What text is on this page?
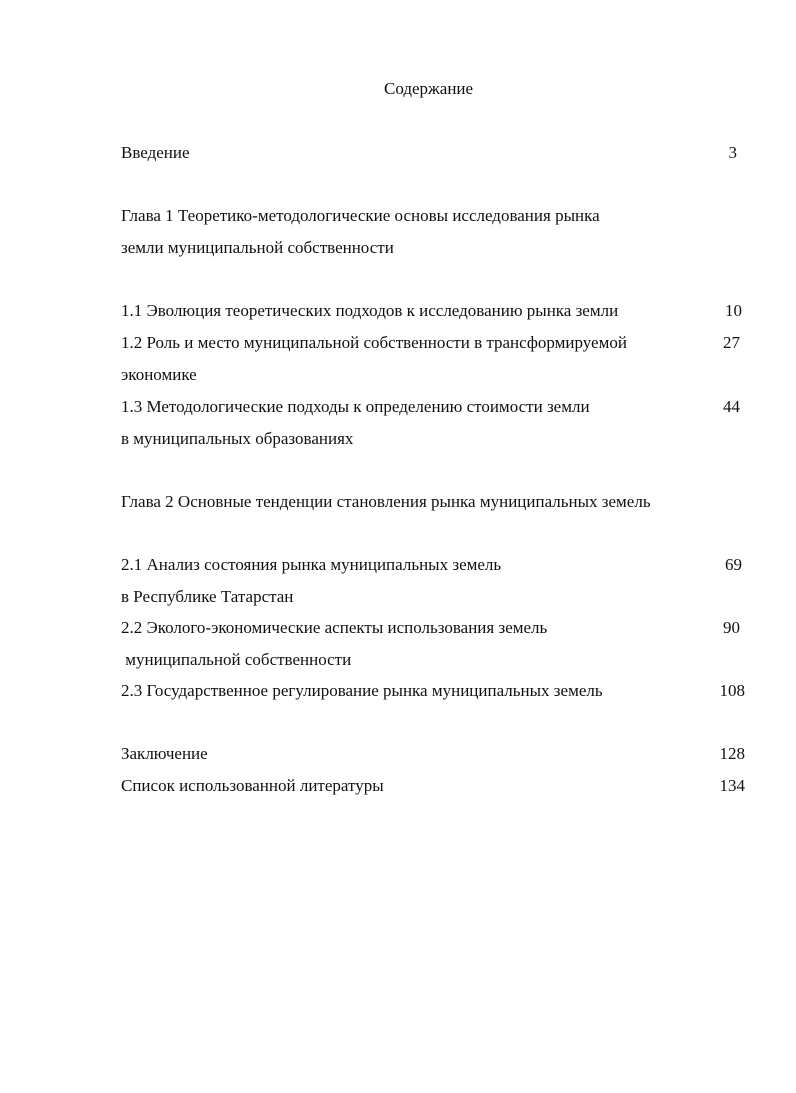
Содержание
Введение	3
Глава 1 Теоретико-методологические основы исследования рынка
земли муниципальной собственности
1.1 Эволюция теоретических подходов к исследованию рынка земли	10
1.2 Роль и место муниципальной собственности в трансформируемой	27
экономике
1.3 Методологические подходы к определению стоимости земли	44
в муниципальных образованиях
Глава 2 Основные тенденции становления рынка муниципальных земель
2.1 Анализ состояния рынка муниципальных земель	69
в Республике Татарстан
2.2 Эколого-экономические аспекты использования земель	90
муниципальной собственности
2.3 Государственное регулирование рынка муниципальных земель	108
Заключение	128
Список использованной литературы	134
